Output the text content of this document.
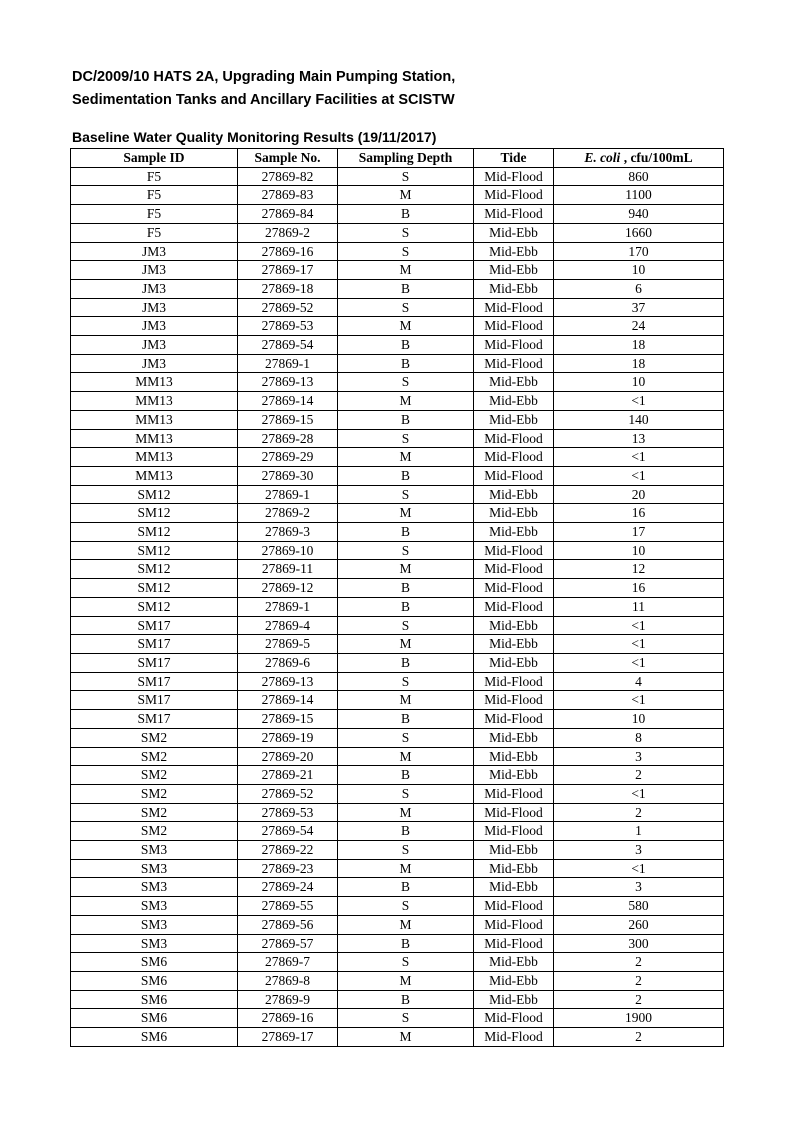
DC/2009/10 HATS 2A, Upgrading Main Pumping Station,
Sedimentation Tanks and Ancillary Facilities at SCISTW
Baseline Water Quality Monitoring Results (19/11/2017)
Sample ID	Sample No.	Sampling Depth	Tide	E. coli , cfu/100mL
F5	27869-82	S	Mid-Flood	860
F5	27869-83	M	Mid-Flood	1100
F5	27869-84	B	Mid-Flood	940
F5	27869-2	S	Mid-Ebb	1660
JM3	27869-16	S	Mid-Ebb	170
JM3	27869-17	M	Mid-Ebb	10
JM3	27869-18	B	Mid-Ebb	6
JM3	27869-52	S	Mid-Flood	37
JM3	27869-53	M	Mid-Flood	24
JM3	27869-54	B	Mid-Flood	18
JM3	27869-1	B	Mid-Flood	18
MM13	27869-13	S	Mid-Ebb	10
MM13	27869-14	M	Mid-Ebb	<1
MM13	27869-15	B	Mid-Ebb	140
MM13	27869-28	S	Mid-Flood	13
MM13	27869-29	M	Mid-Flood	<1
MM13	27869-30	B	Mid-Flood	<1
SM12	27869-1	S	Mid-Ebb	20
SM12	27869-2	M	Mid-Ebb	16
SM12	27869-3	B	Mid-Ebb	17
SM12	27869-10	S	Mid-Flood	10
SM12	27869-11	M	Mid-Flood	12
SM12	27869-12	B	Mid-Flood	16
SM12	27869-1	B	Mid-Flood	11
SM17	27869-4	S	Mid-Ebb	<1
SM17	27869-5	M	Mid-Ebb	<1
SM17	27869-6	B	Mid-Ebb	<1
SM17	27869-13	S	Mid-Flood	4
SM17	27869-14	M	Mid-Flood	<1
SM17	27869-15	B	Mid-Flood	10
SM2	27869-19	S	Mid-Ebb	8
SM2	27869-20	M	Mid-Ebb	3
SM2	27869-21	B	Mid-Ebb	2
SM2	27869-52	S	Mid-Flood	<1
SM2	27869-53	M	Mid-Flood	2
SM2	27869-54	B	Mid-Flood	1
SM3	27869-22	S	Mid-Ebb	3
SM3	27869-23	M	Mid-Ebb	<1
SM3	27869-24	B	Mid-Ebb	3
SM3	27869-55	S	Mid-Flood	580
SM3	27869-56	M	Mid-Flood	260
SM3	27869-57	B	Mid-Flood	300
SM6	27869-7	S	Mid-Ebb	2
SM6	27869-8	M	Mid-Ebb	2
SM6	27869-9	B	Mid-Ebb	2
SM6	27869-16	S	Mid-Flood	1900
SM6	27869-17	M	Mid-Flood	2
